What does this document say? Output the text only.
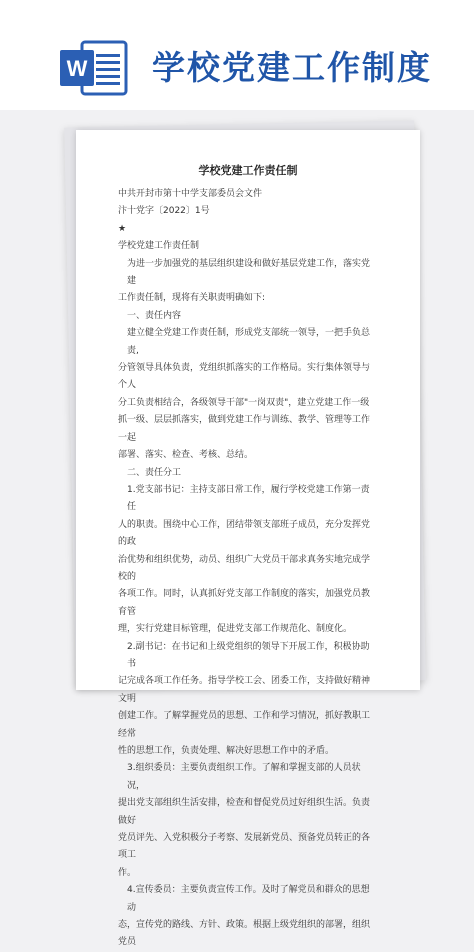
W 学校党建工作制度
学校党建工作责任制

中共开封市第十中学支部委员会文件

汴十党字〔2022〕1号

★

学校党建工作责任制

为进一步加强党的基层组织建设和做好基层党建工作，落实党建

工作责任制，现将有关职责明确如下:

一、责任内容

建立健全党建工作责任制，形成党支部统一领导，一把手负总责,

分管领导具体负责，党组织抓落实的工作格局。实行集体领导与个人

分工负责相结合，各级领导干部"一岗双责"，建立党建工作一级

抓一级、层层抓落实，做到党建工作与训练、教学、管理等工作一起

部署、落实、检查、考核、总结。

二、责任分工

1.党支部书记：主持支部日常工作，履行学校党建工作第一责任

人的职责。围绕中心工作，团结带领支部班子成员，充分发挥党的政

治优势和组织优势，动员、组织广大党员干部求真务实地完成学校的

各项工作。同时，认真抓好党支部工作制度的落实，加强党员教育管

理，实行党建目标管理，促进党支部工作规范化、制度化。

2.副书记：在书记和上级党组织的领导下开展工作，积极协助书

记完成各项工作任务。指导学校工会、团委工作，支持做好精神文明

创建工作。了解掌握党员的思想、工作和学习情况，抓好教职工经常

性的思想工作，负责处理、解决好思想工作中的矛盾。

3.组织委员：主要负责组织工作。了解和掌握支部的人员状况，

提出党支部组织生活安排，检查和督促党员过好组织生活。负责做好

党员评先、入党积极分子考察、发展新党员、预备党员转正的各项工

作。

4.宣传委员：主要负责宣传工作。及时了解党员和群众的思想动

态，宣传党的路线、方针、政策。根据上级党组织的部署，组织党员
